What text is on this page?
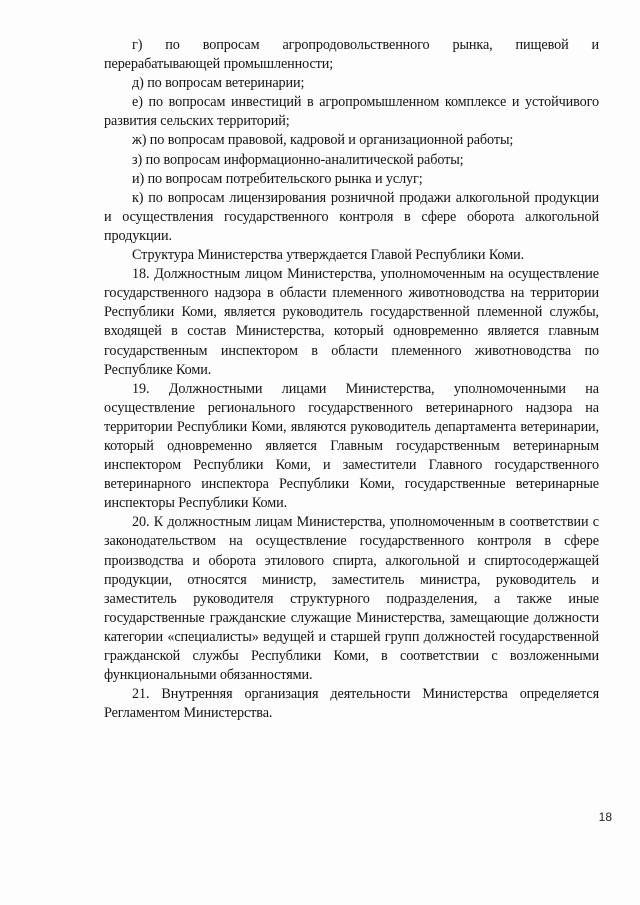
г) по вопросам агропродовольственного рынка, пищевой и перерабатывающей промышленности;

д) по вопросам ветеринарии;

е) по вопросам инвестиций в агропромышленном комплексе и устойчивого развития сельских территорий;

ж) по вопросам правовой, кадровой и организационной работы;

з) по вопросам информационно-аналитической работы;

и) по вопросам потребительского рынка и услуг;

к) по вопросам лицензирования розничной продажи алкогольной продукции и осуществления государственного контроля в сфере оборота алкогольной продукции.

Структура Министерства утверждается Главой Республики Коми.

18. Должностным лицом Министерства, уполномоченным на осуществление государственного надзора в области племенного животноводства на территории Республики Коми, является руководитель государственной племенной службы, входящей в состав Министерства, который одновременно является главным государственным инспектором в области племенного животноводства по Республике Коми.

19. Должностными лицами Министерства, уполномоченными на осуществление регионального государственного ветеринарного надзора на территории Республики Коми, являются руководитель департамента ветеринарии, который одновременно является Главным государственным ветеринарным инспектором Республики Коми, и заместители Главного государственного ветеринарного инспектора Республики Коми, государственные ветеринарные инспекторы Республики Коми.

20. К должностным лицам Министерства, уполномоченным в соответствии с законодательством на осуществление государственного контроля в сфере производства и оборота этилового спирта, алкогольной и спиртосодержащей продукции, относятся министр, заместитель министра, руководитель и заместитель руководителя структурного подразделения, а также иные государственные гражданские служащие Министерства, замещающие должности категории «специалисты» ведущей и старшей групп должностей государственной гражданской службы Республики Коми, в соответствии с возложенными функциональными обязанностями.

21. Внутренняя организация деятельности Министерства определяется Регламентом Министерства.

18
